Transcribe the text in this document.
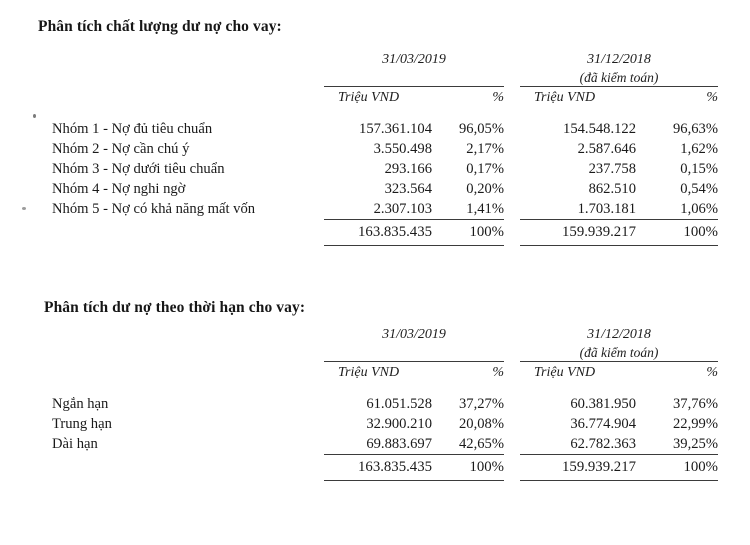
Phân tích chất lượng dư nợ cho vay:
	31/03/2019			31/12/2018	
				(đã kiểm toán)	
	Triệu VND	%		Triệu VND	%
Nhóm 1 - Nợ đủ tiêu chuẩn	157.361.104	96,05%		154.548.122	96,63%
Nhóm 2 - Nợ cần chú ý	3.550.498	2,17%		2.587.646	1,62%
Nhóm 3 - Nợ dưới tiêu chuẩn	293.166	0,17%		237.758	0,15%
Nhóm 4 - Nợ nghi ngờ	323.564	0,20%		862.510	0,54%
Nhóm 5 - Nợ có khả năng mất vốn	2.307.103	1,41%		1.703.181	1,06%
	163.835.435	100%		159.939.217	100%
Phân tích dư nợ theo thời hạn cho vay:
	31/03/2019			31/12/2018	
				(đã kiểm toán)	
	Triệu VND	%		Triệu VND	%
Ngắn hạn	61.051.528	37,27%		60.381.950	37,76%
Trung hạn	32.900.210	20,08%		36.774.904	22,99%
Dài hạn	69.883.697	42,65%		62.782.363	39,25%
	163.835.435	100%		159.939.217	100%
